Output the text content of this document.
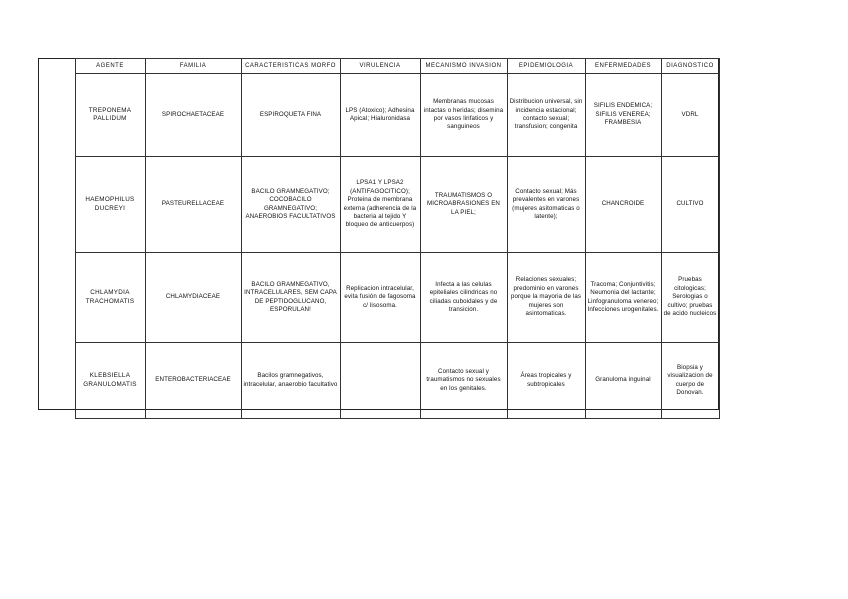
	AGENTE	FAMILIA	CARACTERISTICAS MORFO	VIRULENCIA	MECANISMO INVASION	EPIDEMIOLOGIA	ENFERMEDADES	DIAGNOSTICO
	TREPONEMA PALLIDUM	SPIROCHAETACEAE	ESPIROQUETA FINA	LPS (Atoxico); Adhesina Apical; Hialuronidasa	Membranas mucosas intactas o heridas; disemina por vasos linfaticos y sanguineos	Distribucion universal, sin incidencia estacional; contacto sexual; transfusion; congenita	SIFILIS ENDEMICA; SIFILIS VENEREA; FRAMBESIA	VDRL
	HAEMOPHILUS DUCREYI	PASTEURELLACEAE	BACILO GRAMNEGATIVO; COCOBACILO GRAMNEGATIVO; ANAEROBIOS FACULTATIVOS	LPSA1 Y LPSA2 (ANTIFAGOCITICO); Proteina de membrana externa (adherencia de la bacteria al tejido Y bloqueo de anticuerpos)	TRAUMATISMOS O MICROABRASIONES EN LA PIEL;	Contacto sexual; Más prevalentes en varones (mujeres asitomaticas o latente);	CHANCROIDE	CULTIVO
	CHLAMYDIA TRACHOMATIS	CHLAMYDIACEAE	BACILO GRAMNEGATIVO, INTRACELULARES, SEM CAPA DE PEPTIDOGLUCANO, ESPORULAN!	Replicacion intracelular, evita fusión de fagosoma c/ lisosoma.	Infecta a las celulas epiteliales cilindricas no ciliadas cuboidales y de transicion.	Relaciones sexuales; predominio en varones porque la mayoria de las mujeres son asintomaticas.	Tracoma; Conjuntivitis; Neumonia del lactante; Linfogranuloma venereo; Infecciones urogenitales.	Pruebas citologicas; Serologias o cultivo; pruebas de acido nucleicos
	KLEBSIELLA GRANULOMATIS	ENTEROBACTERIACEAE	Bacilos gramnegativos, intracelular, anaerobio facultativo		Contacto sexual y traumatismos no sexuales en los genitales.	Áreas tropicales y subtropicales	Granuloma inguinal	Biopsia y visualizacion de cuerpo de Donovan.
